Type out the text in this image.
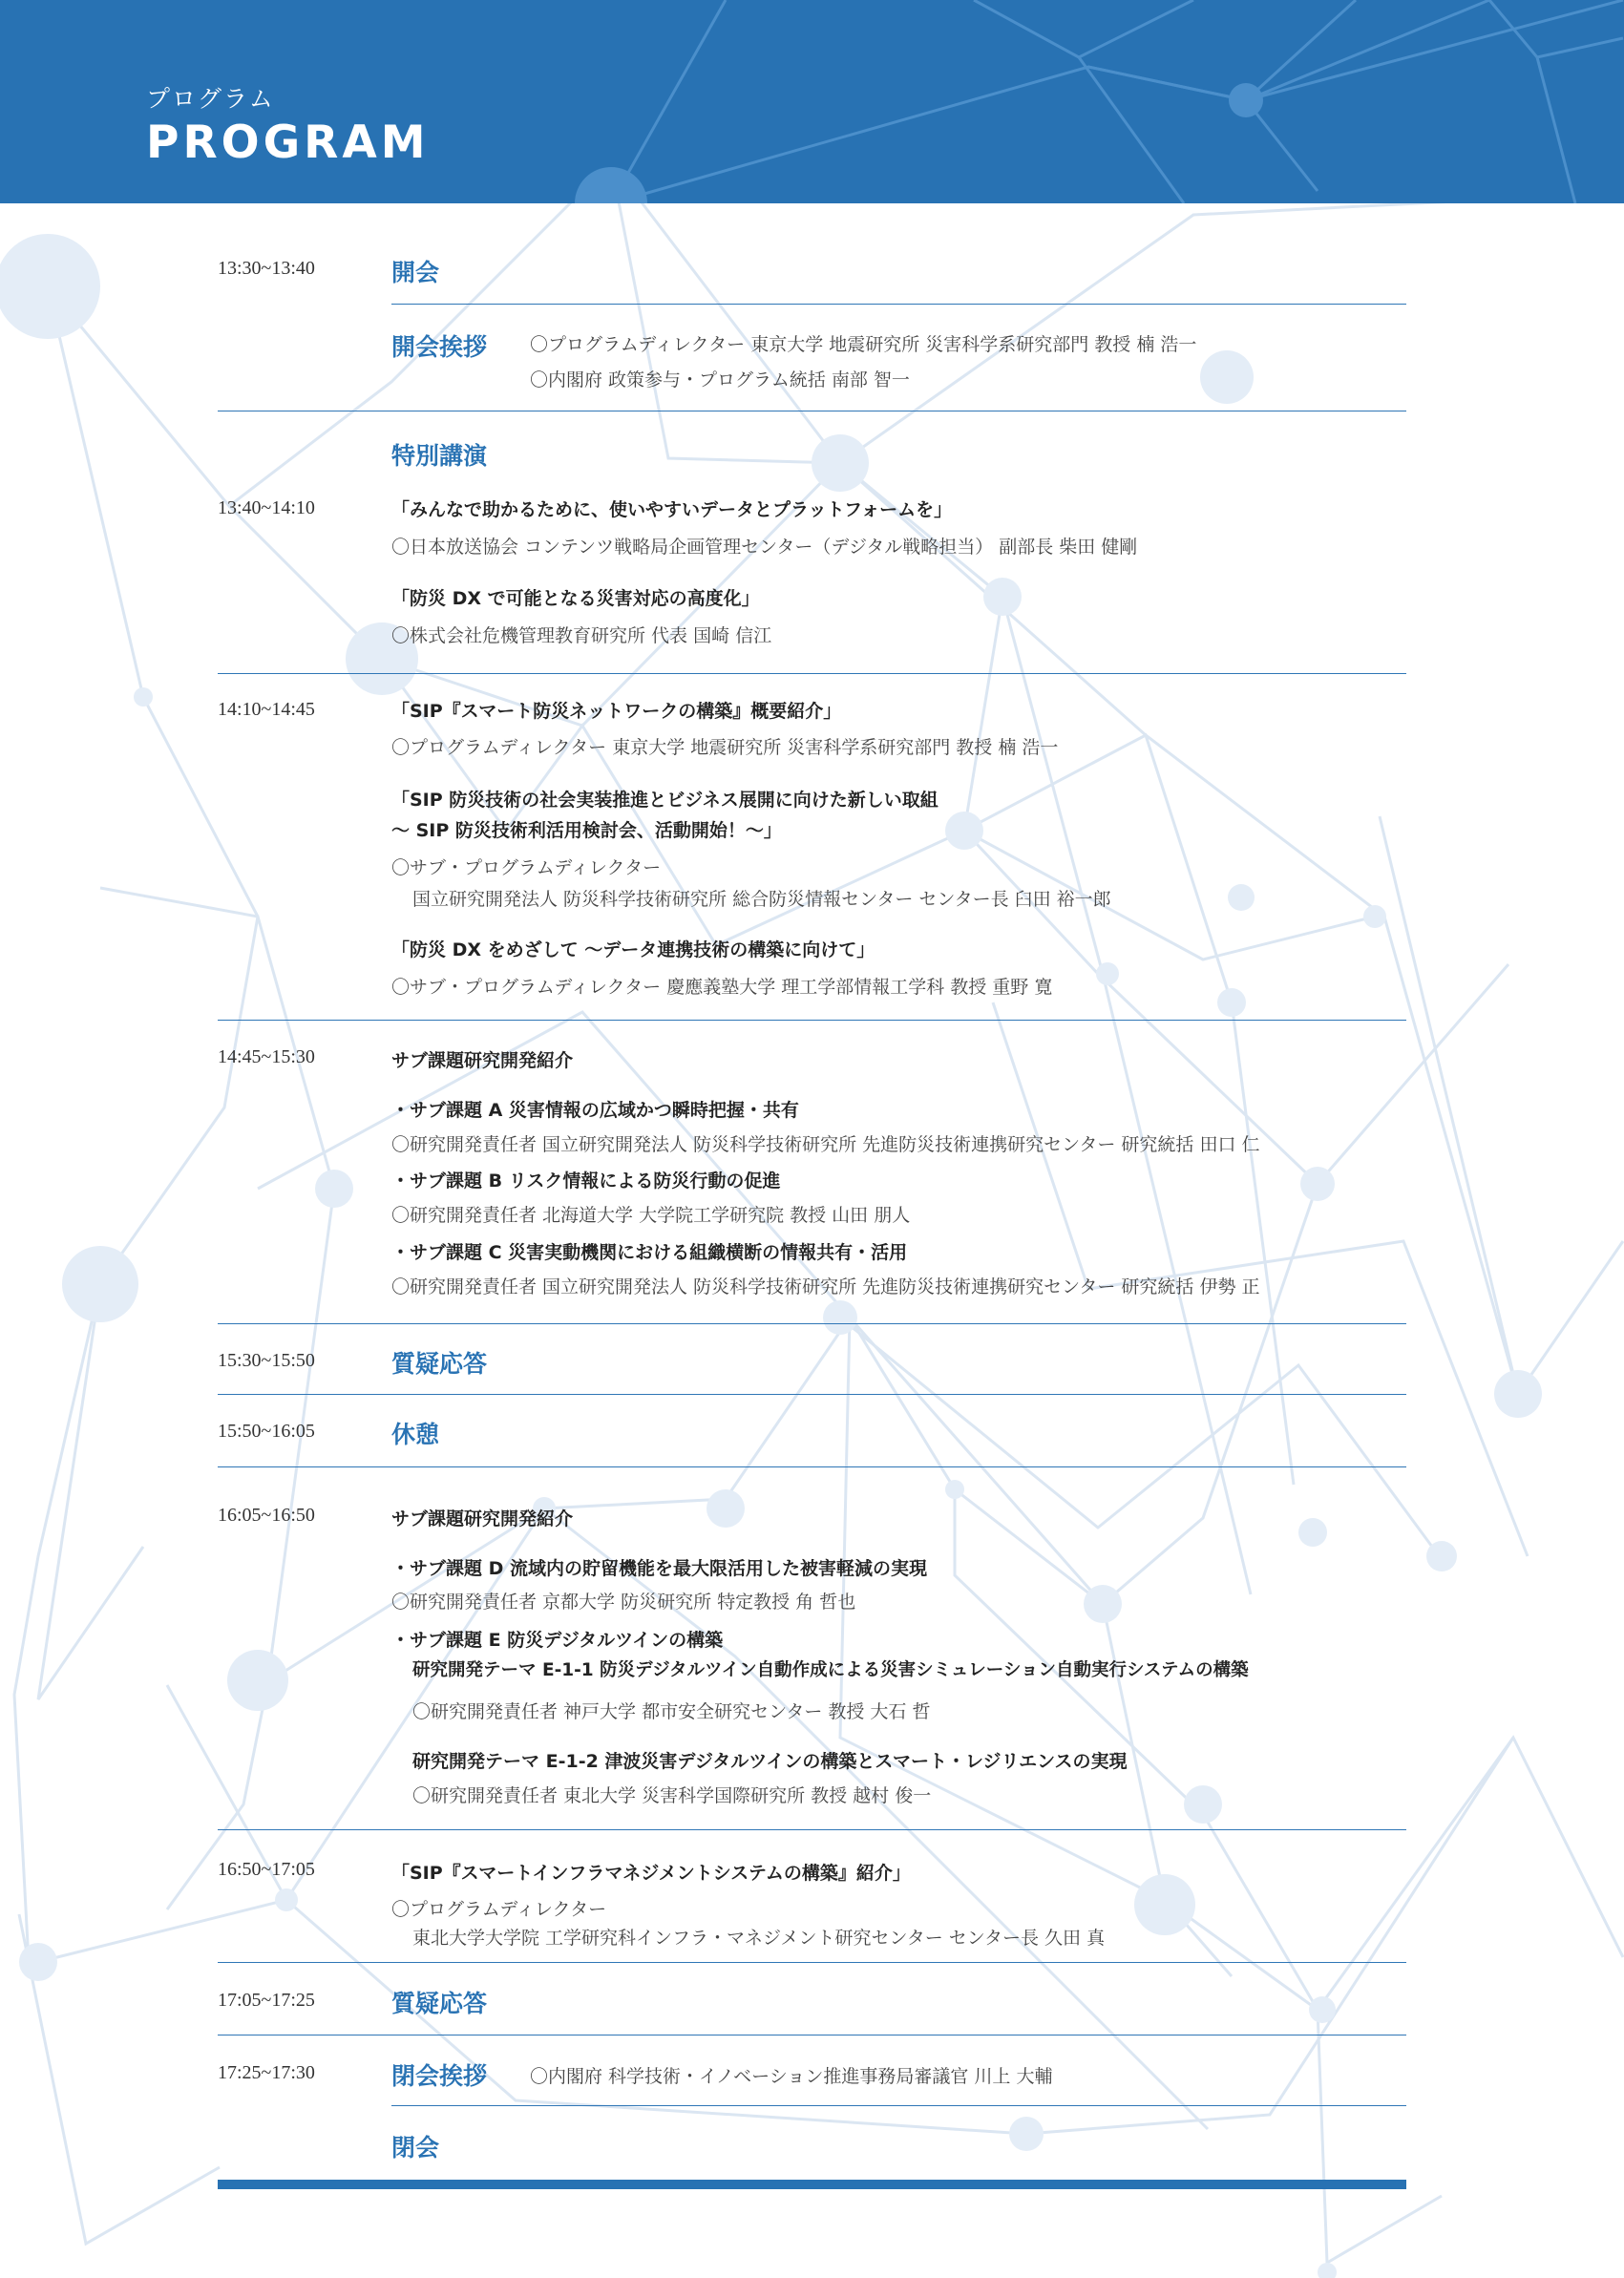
プログラム
PROGRAM
13:30~13:40	開会
開会挨拶 〇プログラムディレクター 東京大学 地震研究所 災害科学系研究部門 教授 楠 浩一
〇内閣府 政策参与・プログラム統括 南部 智一
特別講演
13:40~14:10	「みんなで助かるために、使いやすいデータとプラットフォームを」
〇日本放送協会 コンテンツ戦略局企画管理センター（デジタル戦略担当） 副部長 柴田 健剛
「防災 DX で可能となる災害対応の高度化」
〇株式会社危機管理教育研究所 代表 国崎 信江
14:10~14:45	「SIP『スマート防災ネットワークの構築』概要紹介」
〇プログラムディレクター 東京大学 地震研究所 災害科学系研究部門 教授 楠 浩一
「SIP 防災技術の社会実装推進とビジネス展開に向けた新しい取組
～ SIP 防災技術利活用検討会、活動開始！～」
〇サブ・プログラムディレクター
国立研究開発法人 防災科学技術研究所 総合防災情報センター センター長 臼田 裕一郎
「防災 DX をめざして ～データ連携技術の構築に向けて」
〇サブ・プログラムディレクター 慶應義塾大学 理工学部情報工学科 教授 重野 寛
14:45~15:30	サブ課題研究開発紹介
・サブ課題 A 災害情報の広域かつ瞬時把握・共有
〇研究開発責任者 国立研究開発法人 防災科学技術研究所 先進防災技術連携研究センター 研究統括 田口 仁
・サブ課題 B リスク情報による防災行動の促進
〇研究開発責任者 北海道大学 大学院工学研究院 教授 山田 朋人
・サブ課題 C 災害実動機関における組織横断の情報共有・活用
〇研究開発責任者 国立研究開発法人 防災科学技術研究所 先進防災技術連携研究センター 研究統括 伊勢 正
15:30~15:50	質疑応答
15:50~16:05	休憩
16:05~16:50	サブ課題研究開発紹介
・サブ課題 D 流域内の貯留機能を最大限活用した被害軽減の実現
〇研究開発責任者 京都大学 防災研究所 特定教授 角 哲也
・サブ課題 E 防災デジタルツインの構築
研究開発テーマ E-1-1 防災デジタルツイン自動作成による災害シミュレーション自動実行システムの構築
〇研究開発責任者 神戸大学 都市安全研究センター 教授 大石 哲
研究開発テーマ E-1-2 津波災害デジタルツインの構築とスマート・レジリエンスの実現
〇研究開発責任者 東北大学 災害科学国際研究所 教授 越村 俊一
16:50~17:05	「SIP『スマートインフラマネジメントシステムの構築』紹介」
〇プログラムディレクター
東北大学大学院 工学研究科インフラ・マネジメント研究センター センター長 久田 真
17:05~17:25	質疑応答
17:25~17:30	閉会挨拶 〇内閣府 科学技術・イノベーション推進事務局審議官 川上 大輔
閉会
